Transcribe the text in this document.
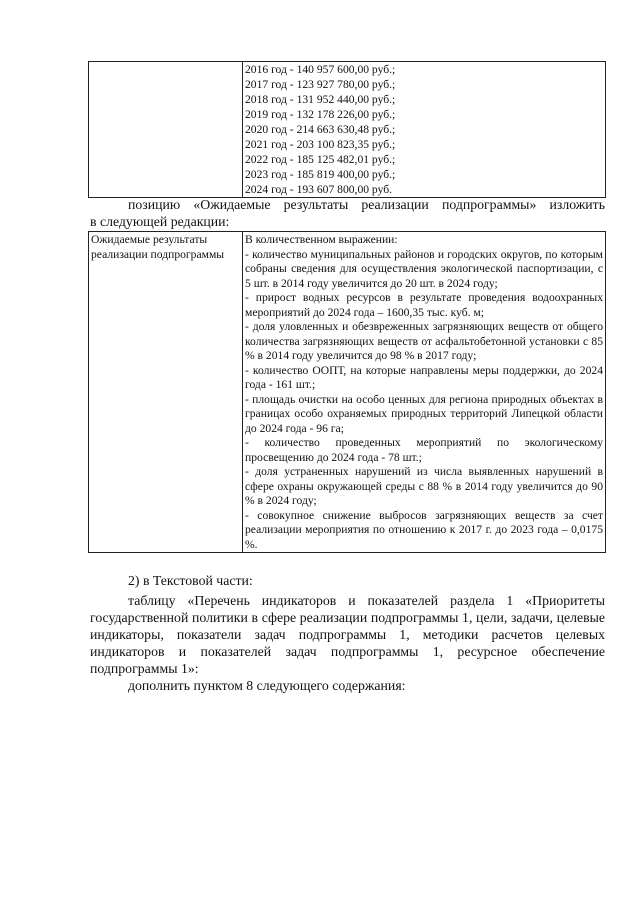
2016 год - 140 957 600,00 руб.;
2017 год - 123 927 780,00 руб.;
2018 год - 131 952 440,00 руб.;
2019 год - 132 178 226,00 руб.;
2020 год - 214 663 630,48 руб.;
2021 год - 203 100 823,35 руб.;
2022 год - 185 125 482,01 руб.;
2023 год - 185 819 400,00 руб.;
2024 год - 193 607 800,00 руб.
позицию «Ожидаемые результаты реализации подпрограммы» изложить
в следующей редакции:
Ожидаемые результаты реализации подпрограммы	
В количественном выражении:
- количество муниципальных районов и городских округов, по которым собраны сведения для осуществления экологической паспортизации, с 5 шт. в 2014 году увеличится до 20 шт. в 2024 году;
- прирост водных ресурсов в результате проведения водоохранных мероприятий до 2024 года – 1600,35 тыс. куб. м;
- доля уловленных и обезвреженных загрязняющих веществ от общего количества загрязняющих веществ от асфальтобетонной установки с 85 % в 2014 году увеличится до 98 % в 2017 году;
- количество ООПТ, на которые направлены меры поддержки, до 2024 года - 161 шт.;
- площадь очистки на особо ценных для региона природных объектах в границах особо охраняемых природных территорий Липецкой области до 2024 года - 96 га;
- количество проведенных мероприятий по экологическому просвещению до 2024 года - 78 шт.;
- доля устраненных нарушений из числа выявленных нарушений в сфере охраны окружающей среды с 88 % в 2014 году увеличится до 90 % в 2024 году;
- совокупное снижение выбросов загрязняющих веществ за счет реализации мероприятия по отношению к 2017 г. до 2023 года – 0,0175 %.
2) в Текстовой части:
таблицу «Перечень индикаторов и показателей раздела 1 «Приоритеты государственной политики в сфере реализации подпрограммы 1, цели, задачи, целевые индикаторы, показатели задач подпрограммы 1, методики расчетов целевых индикаторов и показателей задач подпрограммы 1, ресурсное обеспечение подпрограммы 1»:
дополнить пунктом 8 следующего содержания:
